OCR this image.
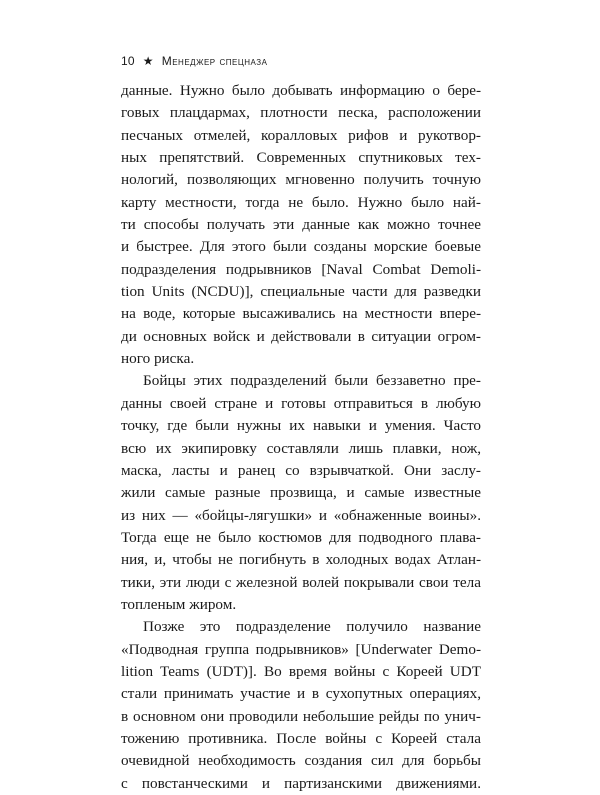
10 ★ Менеджер спецназа
данные. Нужно было добывать информацию о бере-
говых плацдармах, плотности песка, расположении
песчаных отмелей, коралловых рифов и рукотвор-
ных препятствий. Современных спутниковых тех-
нологий, позволяющих мгновенно получить точную
карту местности, тогда не было. Нужно было най-
ти способы получать эти данные как можно точнее
и быстрее. Для этого были созданы морские боевые
подразделения подрывников [Naval Combat Demoli-
tion Units (NCDU)], специальные части для разведки
на воде, которые высаживались на местности впере-
ди основных войск и действовали в ситуации огром-
ного риска.
Бойцы этих подразделений были беззаветно пре-
данны своей стране и готовы отправиться в любую
точку, где были нужны их навыки и умения. Часто
всю их экипировку составляли лишь плавки, нож,
маска, ласты и ранец со взрывчаткой. Они заслу-
жили самые разные прозвища, и самые известные
из них — «бойцы-лягушки» и «обнаженные воины».
Тогда еще не было костюмов для подводного плава-
ния, и, чтобы не погибнуть в холодных водах Атлан-
тики, эти люди с железной волей покрывали свои тела
топленым жиром.
Позже это подразделение получило название
«Подводная группа подрывников» [Underwater Demo-
lition Teams (UDT)]. Во время войны с Кореей UDT
стали принимать участие и в сухопутных операциях,
в основном они проводили небольшие рейды по унич-
тожению противника. После войны с Кореей стала
очевидной необходимость создания сил для борьбы
с повстанческими и партизанскими движениями.
